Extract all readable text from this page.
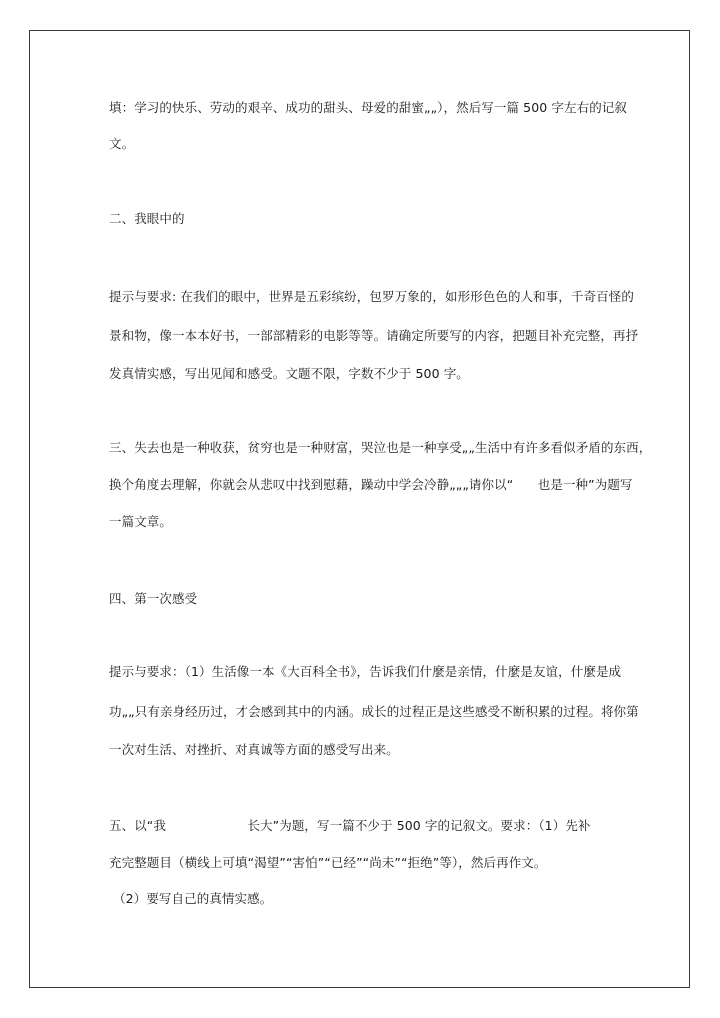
填：学习的快乐、劳动的艰辛、成功的甜头、母爱的甜蜜„„），然后写一篇 500 字左右的记叙
文。
二、我眼中的
提示与要求: 在我们的眼中，世界是五彩缤纷，包罗万象的，如形形色色的人和事，千奇百怪的
景和物，像一本本好书，一部部精彩的电影等等。请确定所要写的内容，把题目补充完整，再抒
发真情实感，写出见闻和感受。文题不限，字数不少于 500 字。
三、失去也是一种收获，贫穷也是一种财富，哭泣也是一种享受„„生活中有许多看似矛盾的东西，
换个角度去理解，你就会从悲叹中找到慰藉，躁动中学会冷静„„„请你以“      也是一种”为题写
一篇文章。
四、第一次感受
提示与要求：（1）生活像一本《大百科全书》，告诉我们什麼是亲情，什麼是友谊，什麼是成
功„„只有亲身经历过，才会感到其中的内涵。成长的过程正是这些感受不断积累的过程。将你第
一次对生活、对挫折、对真诚等方面的感受写出来。
五、以“我                    长大”为题，写一篇不少于 500 字的记叙文。要求：（1）先补
充完整题目（横线上可填“渴望”“害怕”“已经”“尚未”“拒绝”等），然后再作文。
（2）要写自己的真情实感。
